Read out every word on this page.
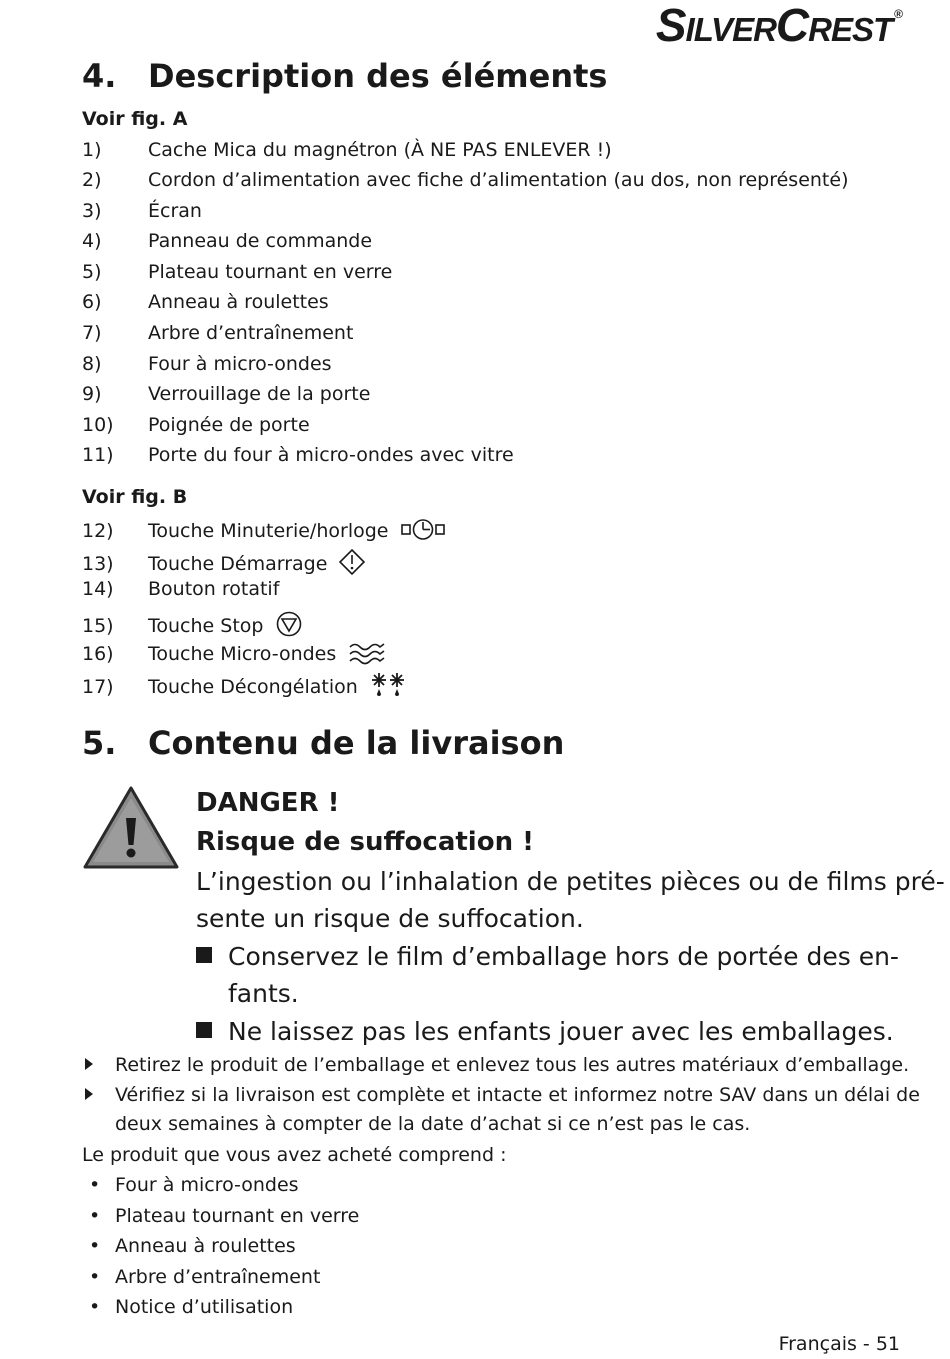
SILVERCREST ®
4. Description des éléments
Voir fig. A
1) Cache Mica du magnétron (À NE PAS ENLEVER !)
2) Cordon d’alimentation avec fiche d’alimentation (au dos, non représenté)
3) Écran
4) Panneau de commande
5) Plateau tournant en verre
6) Anneau à roulettes
7) Arbre d’entraînement
8) Four à micro-ondes
9) Verrouillage de la porte
10) Poignée de porte
11) Porte du four à micro-ondes avec vitre
Voir fig. B
12) Touche Minuterie/horloge
13) Touche Démarrage
14) Bouton rotatif
15) Touche Stop
16) Touche Micro-ondes
17) Touche Décongélation
5. Contenu de la livraison
DANGER !
Risque de suffocation !
L’ingestion ou l’inhalation de petites pièces ou de films pré-
sente un risque de suffocation.
Conservez le film d’emballage hors de portée des en-
fants.
Ne laissez pas les enfants jouer avec les emballages.
Retirez le produit de l’emballage et enlevez tous les autres matériaux d’emballage.
Vérifiez si la livraison est complète et intacte et informez notre SAV dans un délai de
deux semaines à compter de la date d’achat si ce n’est pas le cas.
Le produit que vous avez acheté comprend :
• Four à micro-ondes
• Plateau tournant en verre
• Anneau à roulettes
• Arbre d’entraînement
• Notice d’utilisation
Français - 51
